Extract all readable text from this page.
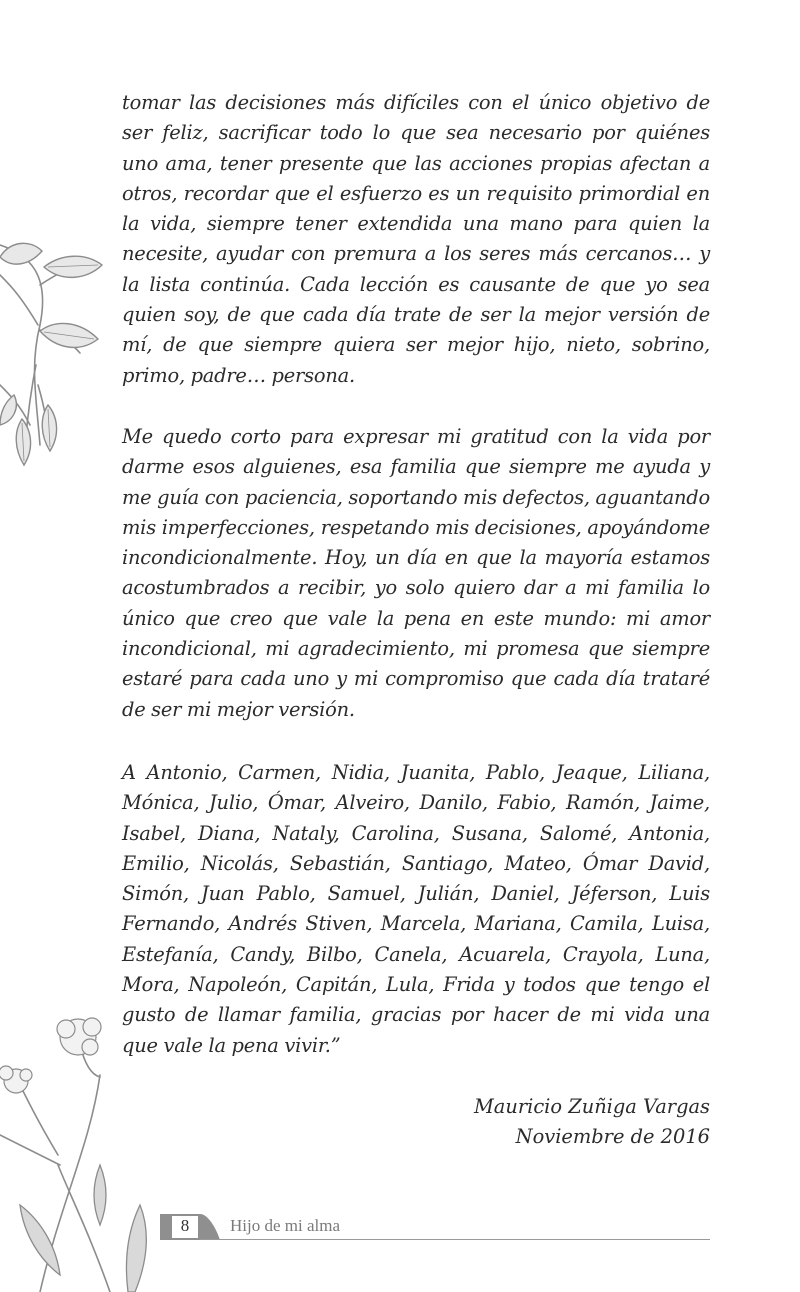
tomar las decisiones más difíciles con el único objetivo de ser feliz, sacrificar todo lo que sea necesario por quiénes uno ama, tener presente que las acciones propias afectan a otros, recordar que el esfuerzo es un requisito primordial en la vida, siempre tener extendida una mano para quien la necesite, ayudar con premura a los seres más cercanos… y la lista continúa. Cada lección es causante de que yo sea quien soy, de que cada día trate de ser la mejor versión de mí, de que siempre quiera ser mejor hijo, nieto, sobrino, primo, padre… persona.

Me quedo corto para expresar mi gratitud con la vida por darme esos alguienes, esa familia que siempre me ayuda y me guía con paciencia, soportando mis defectos, aguantando mis imperfecciones, respetando mis decisiones, apoyándome incondicionalmente. Hoy, un día en que la mayoría estamos acostumbrados a recibir, yo solo quiero dar a mi familia lo único que creo que vale la pena en este mundo: mi amor incondicional, mi agradecimiento, mi promesa que siempre estaré para cada uno y mi compromiso que cada día trataré de ser mi mejor versión.

A Antonio, Carmen, Nidia, Juanita, Pablo, Jeaque, Liliana, Mónica, Julio, Ómar, Alveiro, Danilo, Fabio, Ramón, Jaime, Isabel, Diana, Nataly, Carolina, Susana, Salomé, Antonia, Emilio, Nicolás, Sebastián, Santiago, Mateo, Ómar David, Simón, Juan Pablo, Samuel, Julián, Daniel, Jéferson, Luis Fernando, Andrés Stiven, Marcela, Mariana, Camila, Luisa, Estefanía, Candy, Bilbo, Canela, Acuarela, Crayola, Luna, Mora, Napoleón, Capitán, Lula, Frida y todos que tengo el gusto de llamar familia, gracias por hacer de mi vida una que vale la pena vivir.”

Mauricio Zuñiga Vargas
Noviembre de 2016
8 Hijo de mi alma
